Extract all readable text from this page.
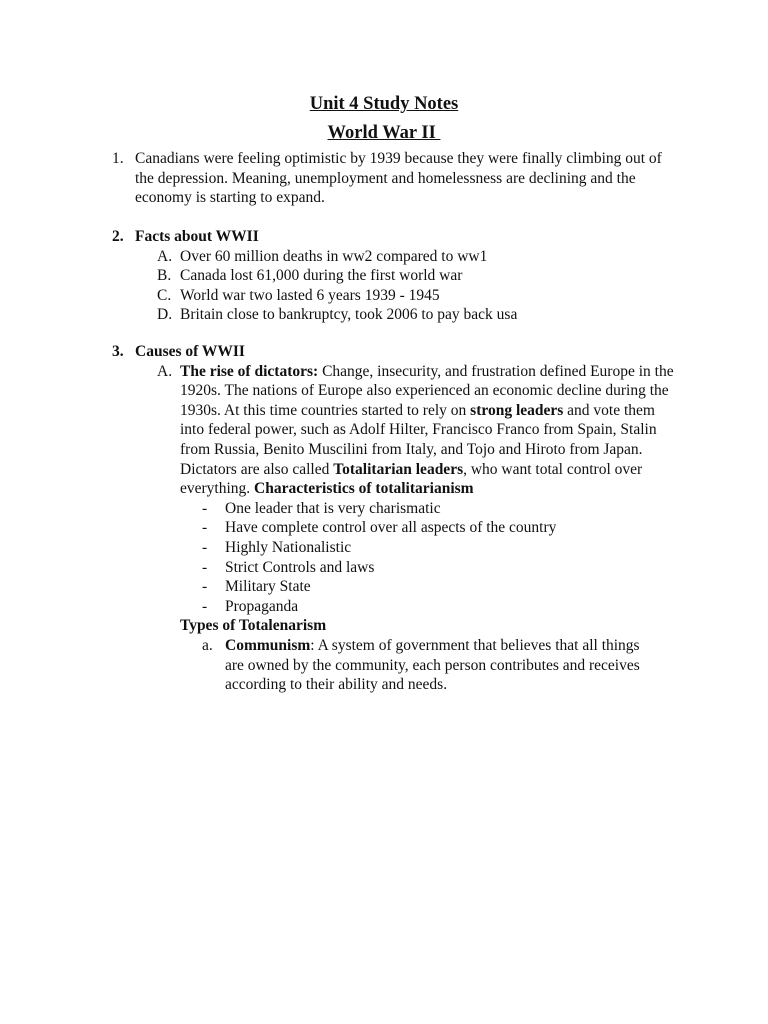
Unit 4 Study Notes
World War II
1. Canadians were feeling optimistic by 1939 because they were finally climbing out of the depression. Meaning, unemployment and homelessness are declining and the economy is starting to expand.
2. Facts about WWII
A. Over 60 million deaths in ww2 compared to ww1
B. Canada lost 61,000 during the first world war
C. World war two lasted 6 years 1939 - 1945
D. Britain close to bankruptcy, took 2006 to pay back usa
3. Causes of WWII
A. The rise of dictators: Change, insecurity, and frustration defined Europe in the 1920s. The nations of Europe also experienced an economic decline during the 1930s. At this time countries started to rely on strong leaders and vote them into federal power, such as Adolf Hilter, Francisco Franco from Spain, Stalin from Russia, Benito Muscilini from Italy, and Tojo and Hiroto from Japan. Dictators are also called Totalitarian leaders, who want total control over everything. Characteristics of totalitarianism
- One leader that is very charismatic
- Have complete control over all aspects of the country
- Highly Nationalistic
- Strict Controls and laws
- Military State
- Propaganda
Types of Totalenarism
a. Communism: A system of government that believes that all things are owned by the community, each person contributes and receives according to their ability and needs.
